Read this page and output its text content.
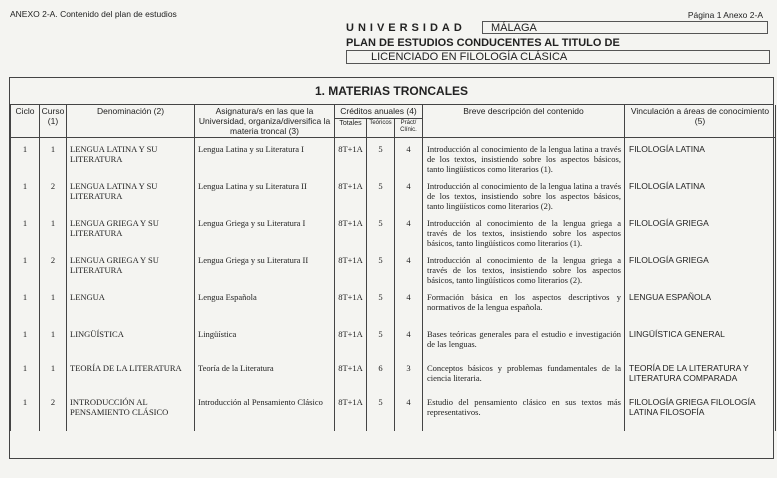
ANEXO 2-A. Contenido del plan de estudios	Página 1 Anexo 2-A
UNIVERSIDAD	MÁLAGA
PLAN DE ESTUDIOS CONDUCENTES AL TITULO DE
LICENCIADO EN FILOLOGÍA CLÁSICA
1. MATERIAS TRONCALES
Ciclo	Curso (1)	Denominación (2)	Asignatura/s en las que la Universidad, organiza/diversifica la materia troncal (3)	Créditos anuales (4)			Breve descripción del contenido	Vinculación a áreas de conocimiento (5)
				Totales	Teóricos	Práct/ Clínic.		
1	1	LENGUA LATINA Y SU LITERATURA	Lengua Latina y su Literatura I	8T+1A	5	4	Introducción al conocimiento de la lengua latina a través de los textos, insistiendo sobre los aspectos básicos, tanto lingüísticos como literarios (1).	FILOLOGÍA LATINA
1	2	LENGUA LATINA Y SU LITERATURA	Lengua Latina y su Literatura II	8T+1A	5	4	Introducción al conocimiento de la lengua latina a través de los textos, insistiendo sobre los aspectos básicos, tanto lingüísticos como literarios (2).	FILOLOGÍA LATINA
1	1	LENGUA GRIEGA Y SU LITERATURA	Lengua Griega y su Literatura I	8T+1A	5	4	Introducción al conocimiento de la lengua griega a través de los textos, insistiendo sobre los aspectos básicos, tanto lingüísticos como literarios (1).	FILOLOGÍA GRIEGA
1	2	LENGUA GRIEGA Y SU LITERATURA	Lengua Griega y su Literatura II	8T+1A	5	4	Introducción al conocimiento de la lengua griega a través de los textos, insistiendo sobre los aspectos básicos, tanto lingüísticos como literarios (2).	FILOLOGÍA GRIEGA
1	1	LENGUA	Lengua Española	8T+1A	5	4	Formación básica en los aspectos descriptivos y normativos de la lengua española.	LENGUA ESPAÑOLA
1	1	LINGÜÍSTICA	Lingüística	8T+1A	5	4	Bases teóricas generales para el estudio e investigación de las lenguas.	LINGÜÍSTICA GENERAL
1	1	TEORÍA DE LA LITERATURA	Teoría de la Literatura	8T+1A	6	3	Conceptos básicos y problemas fundamentales de la ciencia literaria.	TEORÍA DE LA LITERATURA Y LITERATURA COMPARADA
1	2	INTRODUCCIÓN AL PENSAMIENTO CLÁSICO	Introducción al Pensamiento Clásico	8T+1A	5	4	Estudio del pensamiento clásico en sus textos más representativos.	FILOLOGÍA GRIEGA FILOLOGÍA LATINA FILOSOFÍA
